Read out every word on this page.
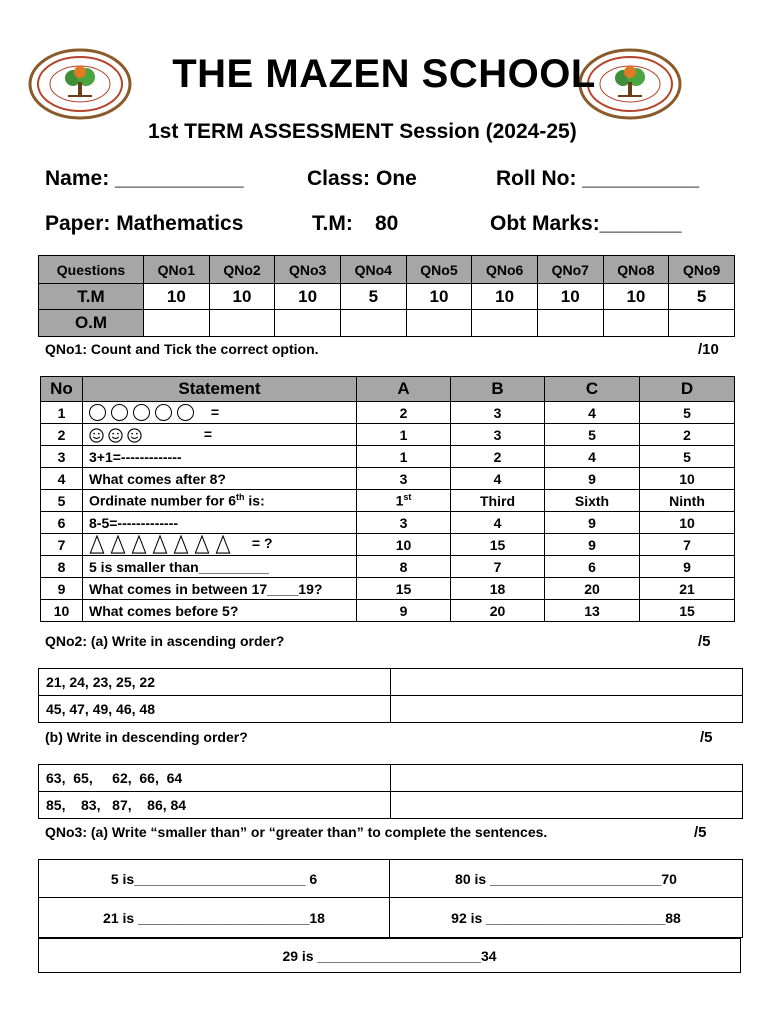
THE MAZEN SCHOOL
1st TERM ASSESSMENT Session (2024-25)
Name: ___________	Class: One	Roll No: __________
Paper: Mathematics	T.M: 80	Obt Marks:_______
Questions	QNo1	QNo2	QNo3	QNo4	QNo5	QNo6	QNo7	QNo8	QNo9
T.M	10	10	10	5	10	10	10	10	5
O.M									
QNo1: Count and Tick the correct option.	/10
No	Statement	A	B	C	D
1	=	2	3	4	5
2	=	1	3	5	2
3	3+1=-------------	1	2	4	5
4	What comes after 8?	3	4	9	10
5	Ordinate number for 6th is:	1st	Third	Sixth	Ninth
6	8-5=-------------	3	4	9	10
7	= ?	10	15	9	7
8	5 is smaller than_________	8	7	6	9
9	What comes in between 17____19?	15	18	20	21
10	What comes before 5?	9	20	13	15
QNo2: (a) Write in ascending order?	/5
21, 24, 23, 25, 22	
45, 47, 49, 46, 48	
(b) Write in descending order?	/5
63,  65,     62,  66,  64	
85,    83,   87,    86, 84	
QNo3: (a) Write “smaller than” or “greater than” to complete the sentences.	/5
5 is______________________ 6	80 is ______________________70
21 is ______________________18	92 is _______________________88
29 is _____________________34
